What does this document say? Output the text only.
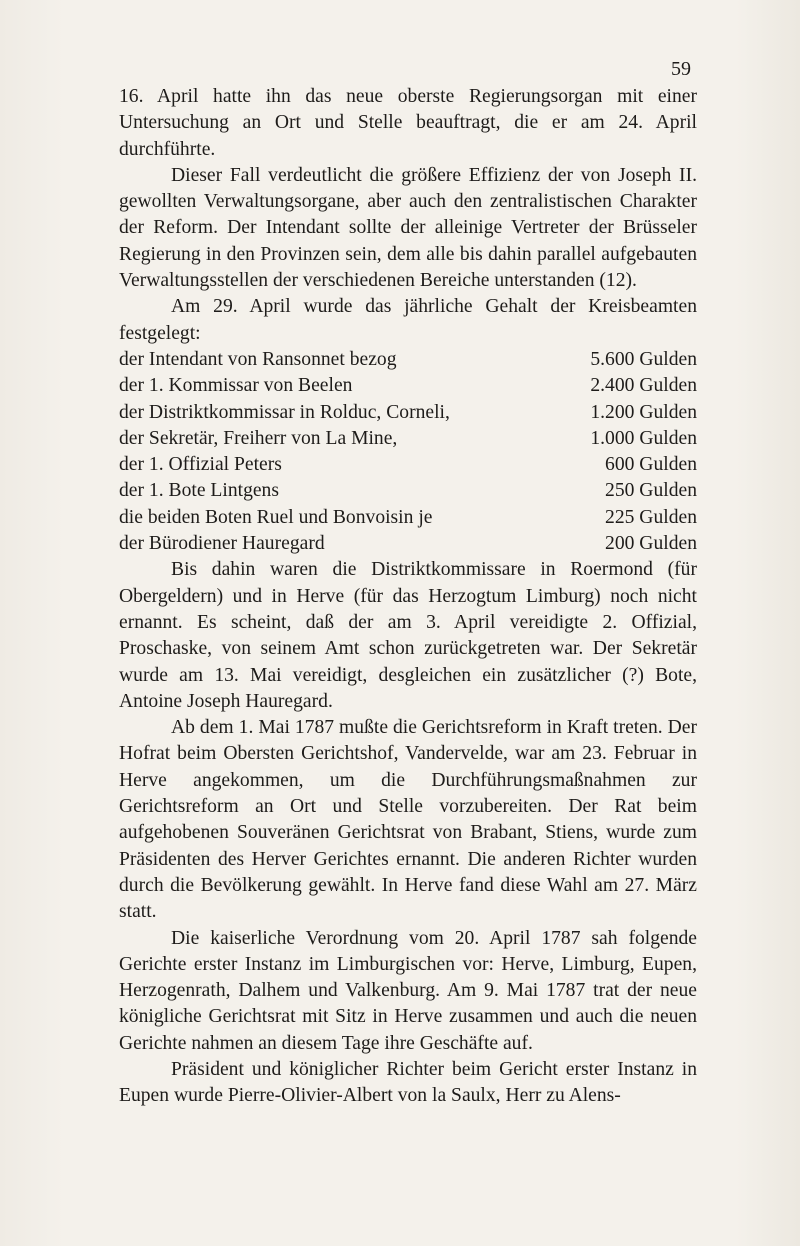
59

16. April hatte ihn das neue oberste Regierungsorgan mit einer Untersuchung an Ort und Stelle beauftragt, die er am 24. April durchführte.

Dieser Fall verdeutlicht die größere Effizienz der von Joseph II. gewollten Verwaltungsorgane, aber auch den zentralistischen Charakter der Reform. Der Intendant sollte der alleinige Vertreter der Brüsseler Regierung in den Provinzen sein, dem alle bis dahin parallel aufgebauten Verwaltungsstellen der verschiedenen Bereiche unterstanden (12).

Am 29. April wurde das jährliche Gehalt der Kreisbeamten festgelegt:

der Intendant von Ransonnet bezog	5.600 Gulden
der 1. Kommissar von Beelen	2.400 Gulden
der Distriktkommissar in Rolduc, Corneli,	1.200 Gulden
der Sekretär, Freiherr von La Mine,	1.000 Gulden
der 1. Offizial Peters	600 Gulden
der 1. Bote Lintgens	250 Gulden
die beiden Boten Ruel und Bonvoisin je	225 Gulden
der Bürodiener Hauregard	200 Gulden

Bis dahin waren die Distriktkommissare in Roermond (für Obergeldern) und in Herve (für das Herzogtum Limburg) noch nicht ernannt. Es scheint, daß der am 3. April vereidigte 2. Offizial, Proschaske, von seinem Amt schon zurückgetreten war. Der Sekretär wurde am 13. Mai vereidigt, desgleichen ein zusätzlicher (?) Bote, Antoine Joseph Hauregard.

Ab dem 1. Mai 1787 mußte die Gerichtsreform in Kraft treten. Der Hofrat beim Obersten Gerichtshof, Vandervelde, war am 23. Februar in Herve angekommen, um die Durchführungsmaßnahmen zur Gerichtsreform an Ort und Stelle vorzubereiten. Der Rat beim aufgehobenen Souveränen Gerichtsrat von Brabant, Stiens, wurde zum Präsidenten des Herver Gerichtes ernannt. Die anderen Richter wurden durch die Bevölkerung gewählt. In Herve fand diese Wahl am 27. März statt.

Die kaiserliche Verordnung vom 20. April 1787 sah folgende Gerichte erster Instanz im Limburgischen vor: Herve, Limburg, Eupen, Herzogenrath, Dalhem und Valkenburg. Am 9. Mai 1787 trat der neue königliche Gerichtsrat mit Sitz in Herve zusammen und auch die neuen Gerichte nahmen an diesem Tage ihre Geschäfte auf.

Präsident und königlicher Richter beim Gericht erster Instanz in Eupen wurde Pierre-Olivier-Albert von la Saulx, Herr zu Alens-
